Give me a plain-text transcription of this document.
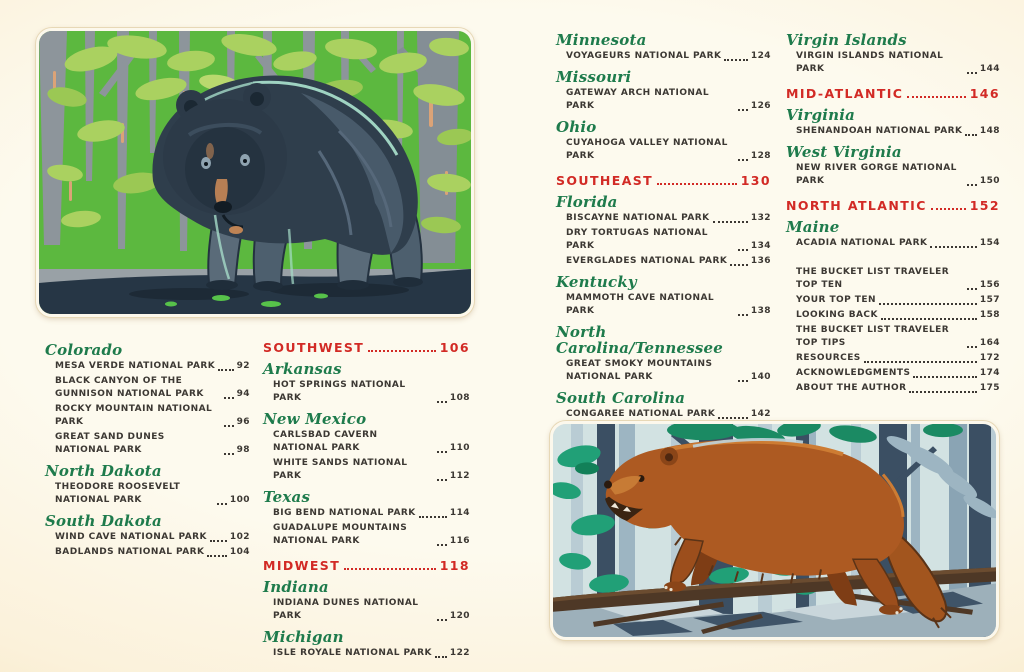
Colorado
MESA VERDE NATIONAL PARK 92
BLACK CANYON OF THE GUNNISON NATIONAL PARK	94
ROCKY MOUNTAIN NATIONAL PARK	96
GREAT SAND DUNES NATIONAL PARK	98
North Dakota
THEODORE ROOSEVELT NATIONAL PARK	100
South Dakota
WIND CAVE NATIONAL PARK	102
BADLANDS NATIONAL PARK	104
SOUTHWEST	106
Arkansas
HOT SPRINGS NATIONAL PARK	108
New Mexico
CARLSBAD CAVERN NATIONAL PARK	110
WHITE SANDS NATIONAL PARK	112
Texas
BIG BEND NATIONAL PARK	114
GUADALUPE MOUNTAINS NATIONAL PARK	116
MIDWEST	118
Indiana
INDIANA DUNES NATIONAL PARK	120
Michigan
ISLE ROYALE NATIONAL PARK 122
Minnesota
VOYAGEURS NATIONAL PARK	124
Missouri
GATEWAY ARCH NATIONAL PARK	126
Ohio
CUYAHOGA VALLEY NATIONAL PARK	128
SOUTHEAST	130
Florida
BISCAYNE NATIONAL PARK	132
DRY TORTUGAS NATIONAL PARK	134
EVERGLADES NATIONAL PARK	136
Kentucky
MAMMOTH CAVE NATIONAL PARK	138
North Carolina/Tennessee
GREAT SMOKY MOUNTAINS NATIONAL PARK	140
South Carolina
CONGAREE NATIONAL PARK	142
Virgin Islands
VIRGIN ISLANDS NATIONAL PARK	144
MID-ATLANTIC	146
Virginia
SHENANDOAH NATIONAL PARK 148
West Virginia
NEW RIVER GORGE NATIONAL PARK	150
NORTH ATLANTIC	152
Maine
ACADIA NATIONAL PARK	154
THE BUCKET LIST TRAVELER TOP TEN	156
YOUR TOP TEN	157
LOOKING BACK	158
THE BUCKET LIST TRAVELER TOP TIPS	164
RESOURCES	172
ACKNOWLEDGMENTS	174
ABOUT THE AUTHOR	175
